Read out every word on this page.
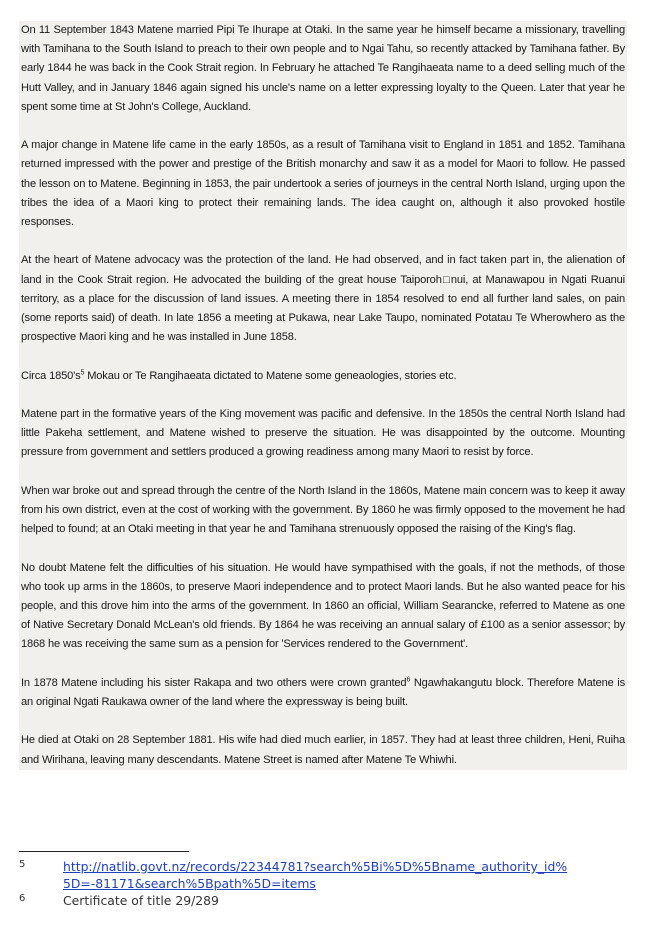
On 11 September 1843 Matene married Pipi Te Ihurape at Otaki. In the same year he himself became a missionary, travelling with Tamihana to the South Island to preach to their own people and to Ngai Tahu, so recently attacked by Tamihana father. By early 1844 he was back in the Cook Strait region. In February he attached Te Rangihaeata name to a deed selling much of the Hutt Valley, and in January 1846 again signed his uncle's name on a letter expressing loyalty to the Queen. Later that year he spent some time at St John's College, Auckland.

A major change in Matene life came in the early 1850s, as a result of Tamihana visit to England in 1851 and 1852. Tamihana returned impressed with the power and prestige of the British monarchy and saw it as a model for Maori to follow. He passed the lesson on to Matene. Beginning in 1853, the pair undertook a series of journeys in the central North Island, urging upon the tribes the idea of a Maori king to protect their remaining lands. The idea caught on, although it also provoked hostile responses.

At the heart of Matene advocacy was the protection of the land. He had observed, and in fact taken part in, the alienation of land in the Cook Strait region. He advocated the building of the great house Taiporoh□nui, at Manawapou in Ngati Ruanui territory, as a place for the discussion of land issues. A meeting there in 1854 resolved to end all further land sales, on pain (some reports said) of death. In late 1856 a meeting at Pukawa, near Lake Taupo, nominated Potatau Te Wherowhero as the prospective Maori king and he was installed in June 1858.

Circa $1850's^5$ Mokau or Te Rangihaeata dictated to Matene some geneaologies, stories etc.

Matene part in the formative years of the King movement was pacific and defensive. In the 1850s the central North Island had little Pakeha settlement, and Matene wished to preserve the situation. He was disappointed by the outcome. Mounting pressure from government and settlers produced a growing readiness among many Maori to resist by force.

When war broke out and spread through the centre of the North Island in the 1860s, Matene main concern was to keep it away from his own district, even at the cost of working with the government. By 1860 he was firmly opposed to the movement he had helped to found; at an Otaki meeting in that year he and Tamihana strenuously opposed the raising of the King's flag.

No doubt Matene felt the difficulties of his situation. He would have sympathised with the goals, if not the methods, of those who took up arms in the 1860s, to preserve Maori independence and to protect Maori lands. But he also wanted peace for his people, and this drove him into the arms of the government. In 1860 an official, William Searancke, referred to Matene as one of Native Secretary Donald McLean's old friends. By 1864 he was receiving an annual salary of £100 as a senior assessor; by 1868 he was receiving the same sum as a pension for 'Services rendered to the Government'.

In 1878 Matene including his sister Rakapa and two others were crown granted$^6$ Ngawhakangutu block. Therefore Matene is an original Ngati Raukawa owner of the land where the expressway is being built.

He died at Otaki on 28 September 1881. His wife had died much earlier, in 1857. They had at least three children, Heni, Ruiha and Wirihana, leaving many descendants. Matene Street is named after Matene Te Whiwhi.

5	http://natlib.govt.nz/records/22344781?search%5Bi%5D%5Bname_authority_id%5D=-81171&search%5Bpath%5D=items
6	Certificate of title 29/289
